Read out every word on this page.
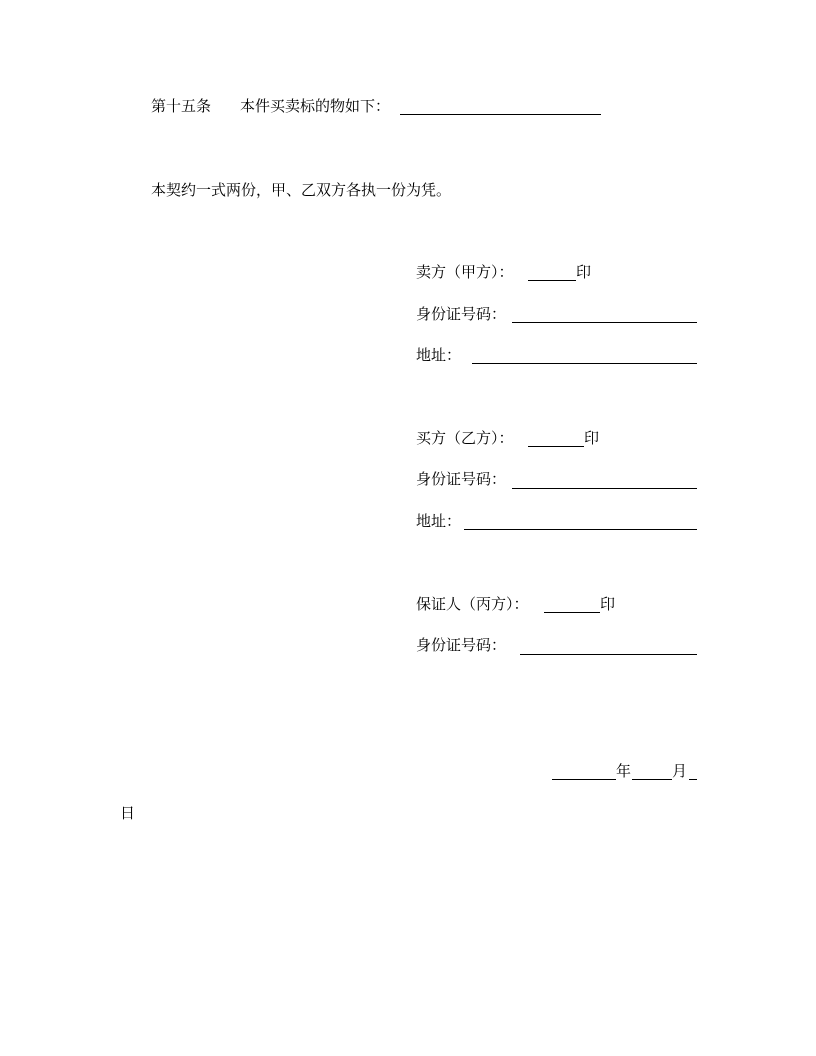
第十五条 本件买卖标的物如下：
本契约一式两份，甲、乙双方各执一份为凭。
卖方（甲方）：	印
身份证号码：
地址：
买方（乙方）：	印
身份证号码：
地址：
保证人（丙方）：	印
身份证号码：
年	月
日
